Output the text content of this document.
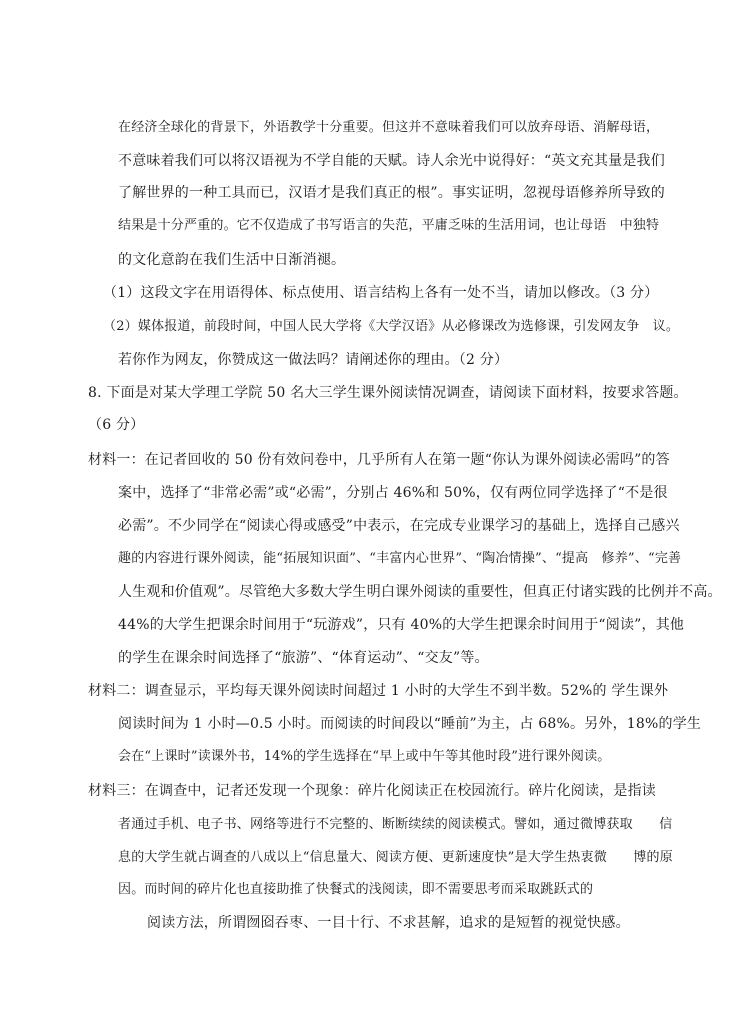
在经济全球化的背景下，外语教学十分重要。但这并不意味着我们可以放弃母语、消解母语，
不意味着我们可以将汉语视为不学自能的天赋。诗人余光中说得好：“英文充其量是我们
了解世界的一种工具而已，汉语才是我们真正的根”。事实证明，忽视母语修养所导致的
结果是十分严重的。它不仅造成了书写语言的失范，平庸乏味的生活用词，也让母语　中独特
的文化意韵在我们生活中日渐消褪。
（1）这段文字在用语得体、标点使用、语言结构上各有一处不当，请加以修改。（3 分）
（2）媒体报道，前段时间，中国人民大学将《大学汉语》从必修课改为选修课，引发网友争　议。
若你作为网友，你赞成这一做法吗？请阐述你的理由。（2 分）
8. 下面是对某大学理工学院 50 名大三学生课外阅读情况调查，请阅读下面材料，按要求答题。
（6 分）
材料一：在记者回收的 50 份有效问卷中，几乎所有人在第一题“你认为课外阅读必需吗”的答
案中，选择了“非常必需”或“必需”，分别占 46%和 50%，仅有两位同学选择了“不是很
必需”。不少同学在“阅读心得或感受”中表示，在完成专业课学习的基础上，选择自己感兴
趣的内容进行课外阅读，能“拓展知识面”、“丰富内心世界”、“陶冶情操”、“提高　修养”、“完善
人生观和价值观”。尽管绝大多数大学生明白课外阅读的重要性，但真正付诸实践的比例并不高。
44%的大学生把课余时间用于“玩游戏”，只有 40%的大学生把课余时间用于“阅读”，其他
的学生在课余时间选择了“旅游”、“体育运动”、“交友”等。
材料二：调查显示，平均每天课外阅读时间超过 1 小时的大学生不到半数。52%的 学生课外
阅读时间为 1 小时—0.5 小时。而阅读的时间段以“睡前”为主，占 68%。另外，18%的学生
会在“上课时”读课外书，14%的学生选择在“早上或中午等其他时段”进行课外阅读。
材料三：在调查中，记者还发现一个现象：碎片化阅读正在校园流行。碎片化阅读，是指读
者通过手机、电子书、网络等进行不完整的、断断续续的阅读模式。譬如，通过微博获取　　信
息的大学生就占调查的八成以上“信息量大、阅读方便、更新速度快”是大学生热衷微　　博的原
因。而时间的碎片化也直接助推了快餐式的浅阅读，即不需要思考而采取跳跃式的
阅读方法，所谓囫囵吞枣、一目十行、不求甚解，追求的是短暂的视觉快感。
